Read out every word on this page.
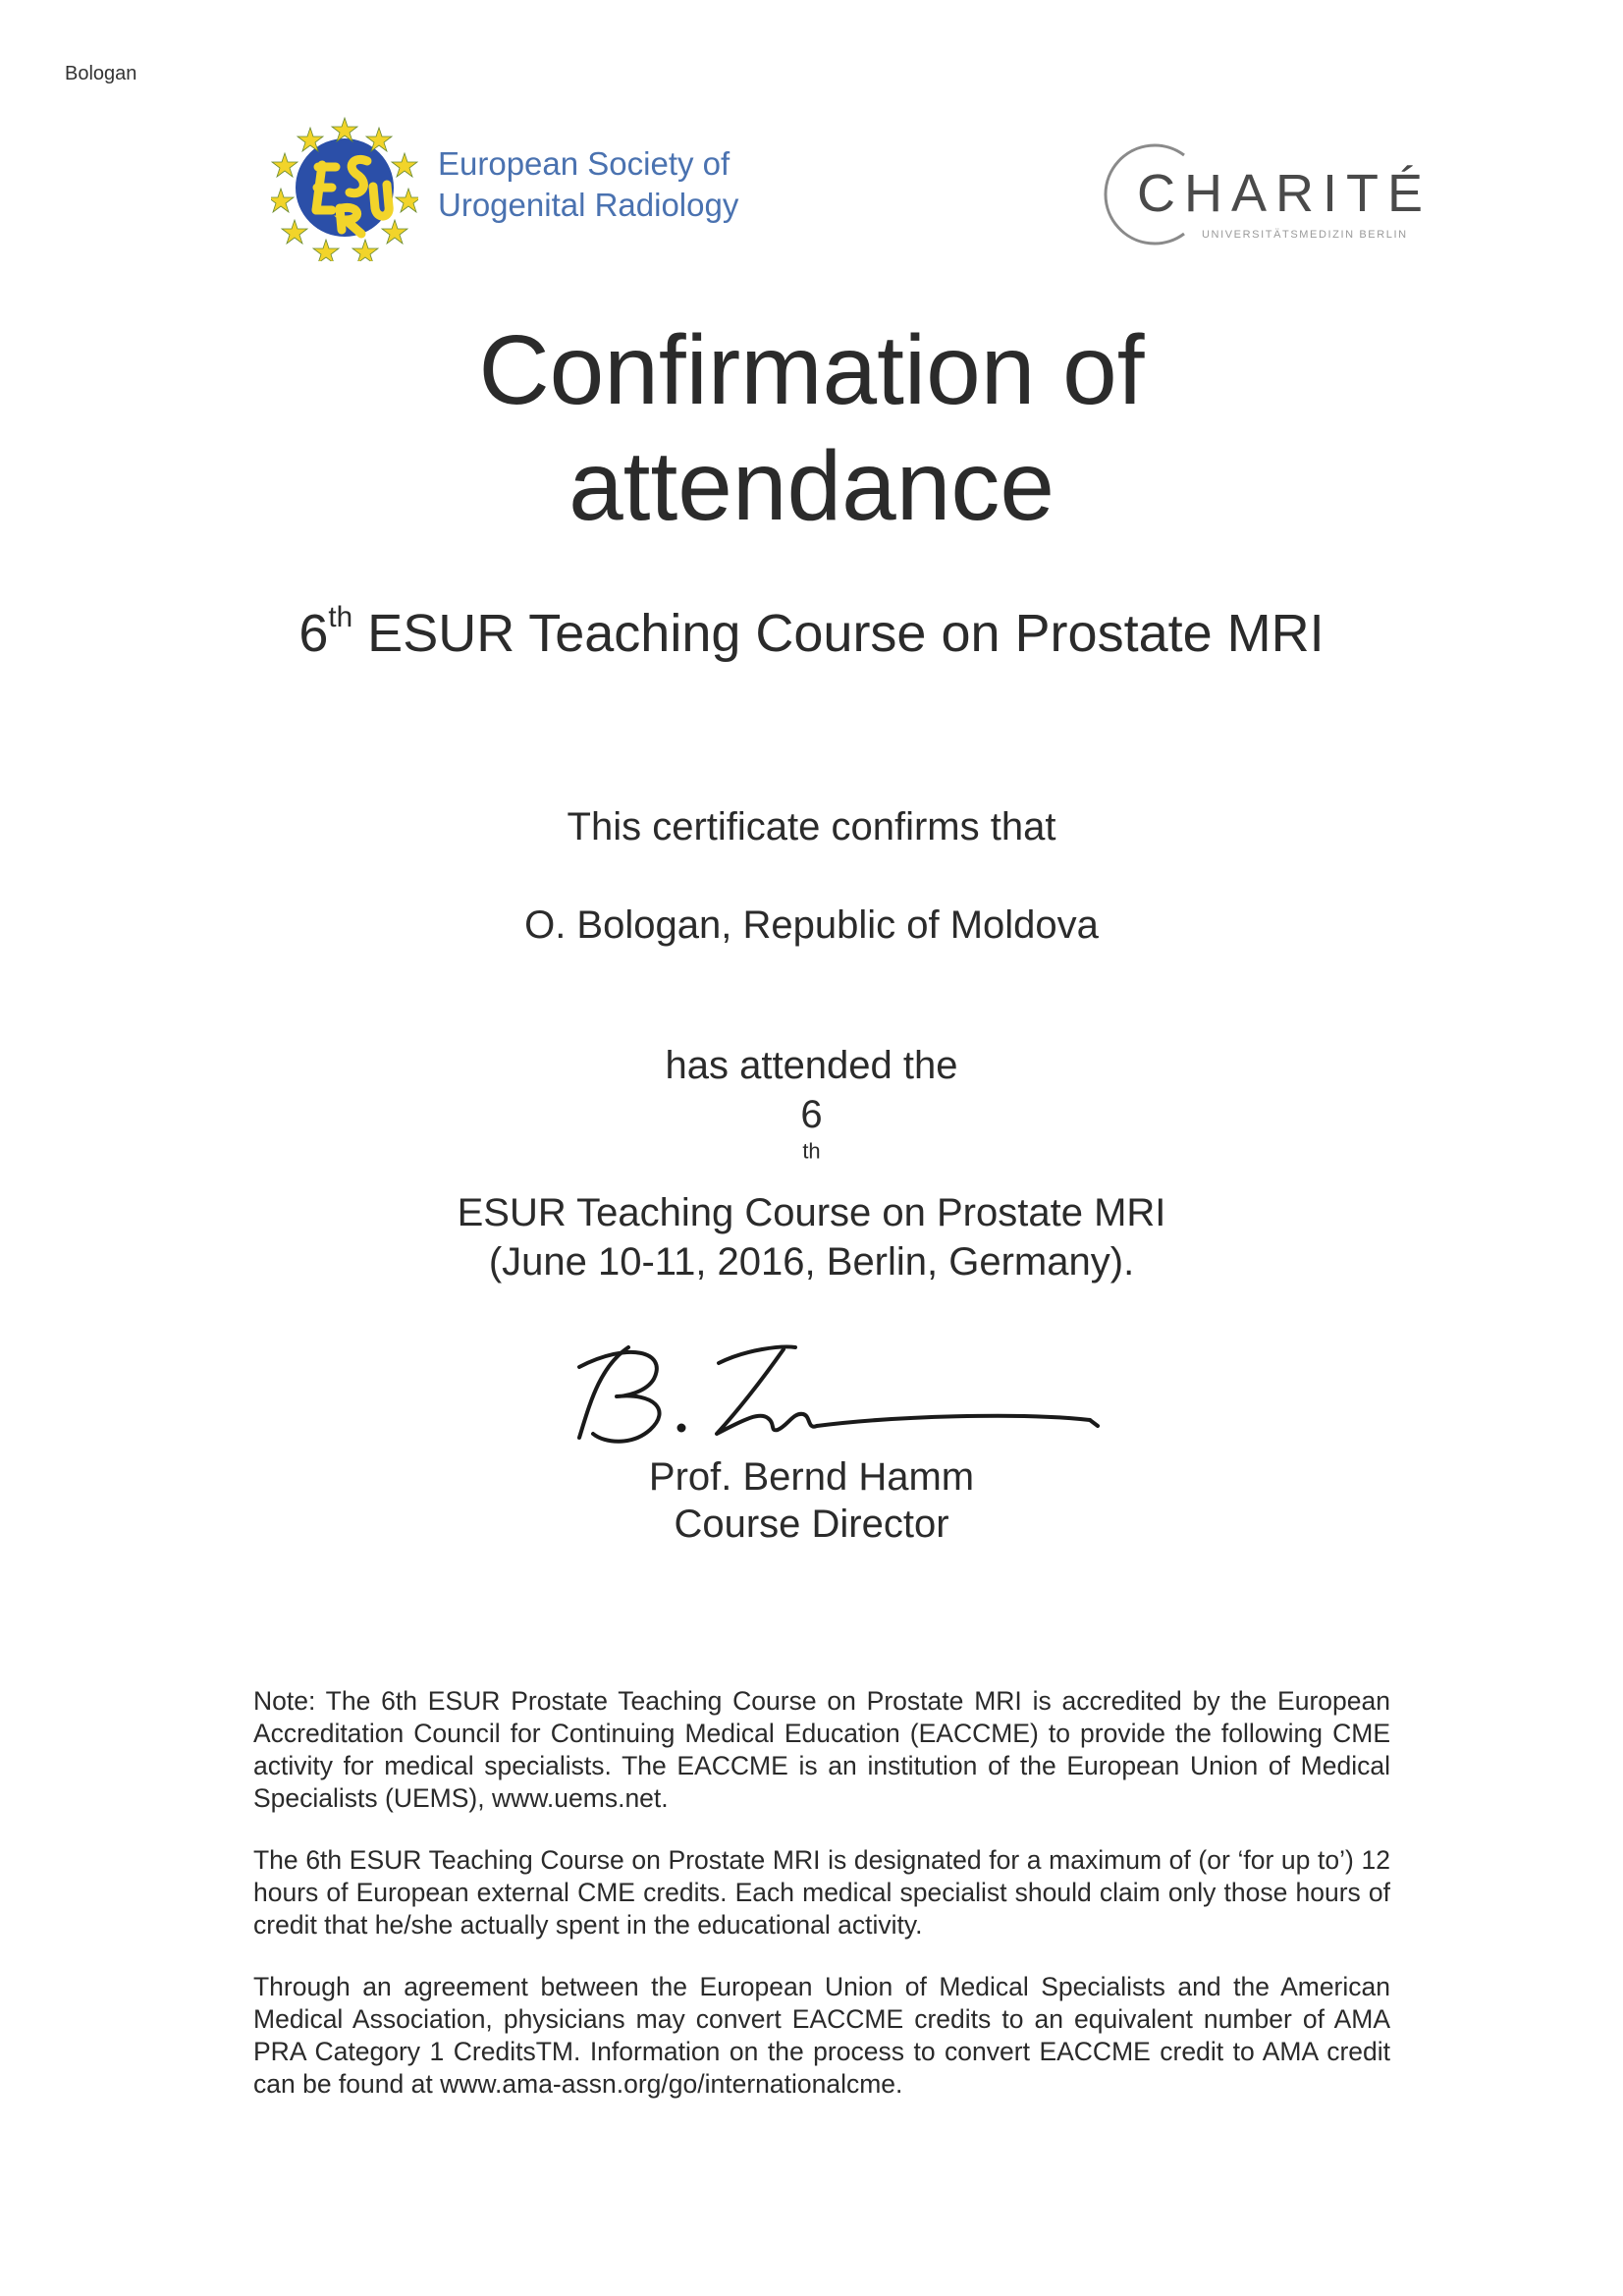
Bologan
European Society of
Urogenital Radiology	CHARITÉ
UNIVERSITÄTSMEDIZIN BERLIN
Confirmation of
attendance
6th ESUR Teaching Course on Prostate MRI
This certificate confirms that
O. Bologan, Republic of Moldova
has attended the
6
$^{th}$
ESUR Teaching Course on Prostate MRI
(June 10-11, 2016, Berlin, Germany).
Prof. Bernd Hamm
Course Director

Note: The 6th ESUR Prostate Teaching Course on Prostate MRI is accredited by the European Accreditation Council for Continuing Medical Education (EACCME) to provide the following CME activity for medical specialists. The EACCME is an institution of the European Union of Medical Specialists (UEMS), www.uems.net.

The 6th ESUR Teaching Course on Prostate MRI is designated for a maximum of (or ‘for up to’) 12 hours of European external CME credits. Each medical specialist should claim only those hours of credit that he/she actually spent in the educational activity.

Through an agreement between the European Union of Medical Specialists and the American Medical Association, physicians may convert EACCME credits to an equivalent number of AMA PRA Category 1 CreditsTM. Information on the process to convert EACCME credit to AMA credit can be found at www.ama-assn.org/go/internationalcme.
